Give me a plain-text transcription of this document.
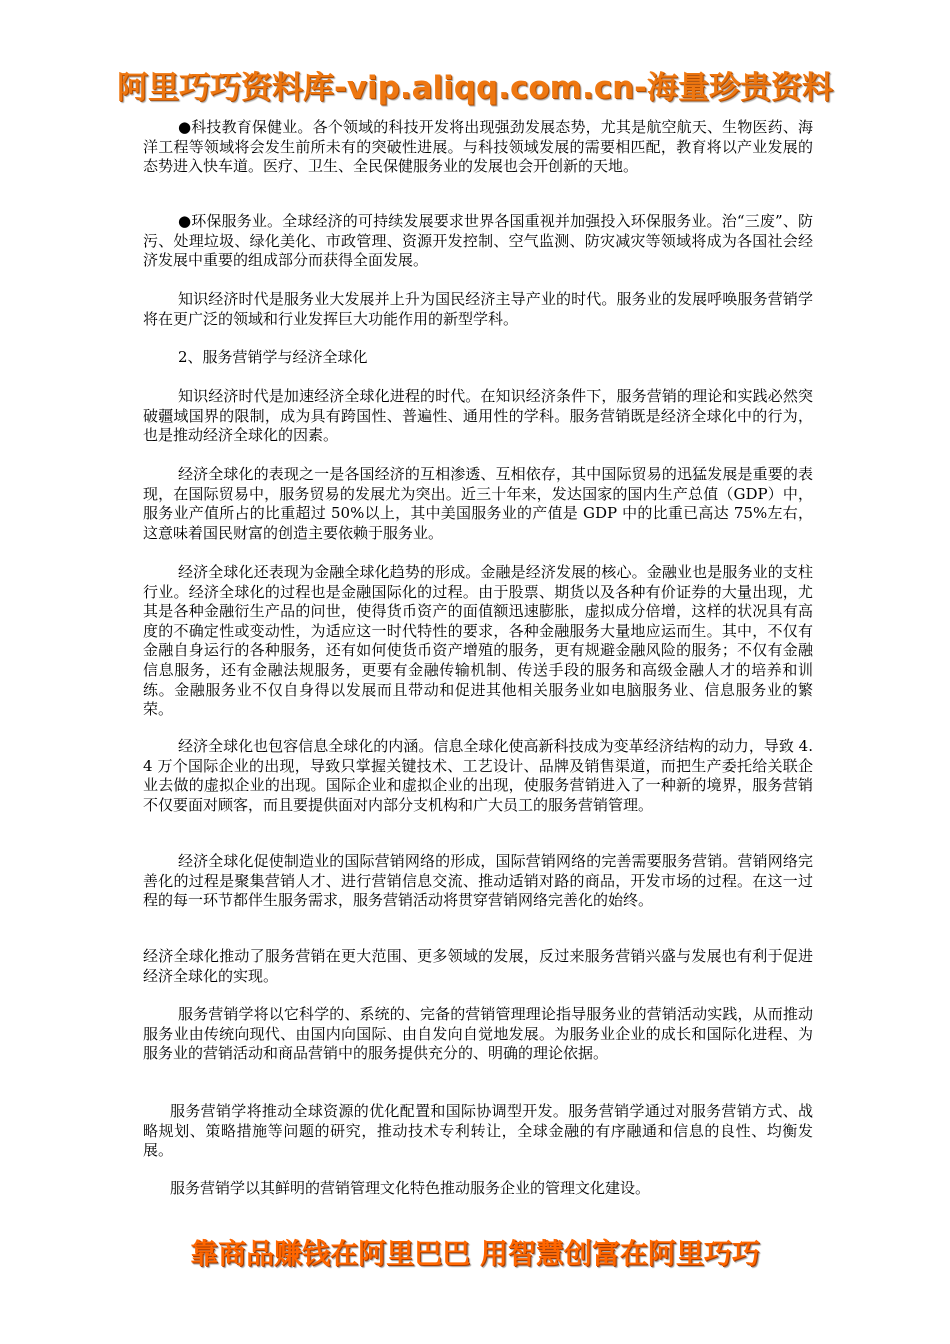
阿里巧巧资料库-vip.aliqq.com.cn-海量珍贵资料
●科技教育保健业。各个领域的科技开发将出现强劲发展态势，尤其是航空航天、生物医药、海洋工程等领域将会发生前所未有的突破性进展。与科技领域发展的需要相匹配，教育将以产业发展的态势进入快车道。医疗、卫生、全民保健服务业的发展也会开创新的天地。
●环保服务业。全球经济的可持续发展要求世界各国重视并加强投入环保服务业。治“三废”、防污、处理垃圾、绿化美化、市政管理、资源开发控制、空气监测、防灾减灾等领域将成为各国社会经济发展中重要的组成部分而获得全面发展。
知识经济时代是服务业大发展并上升为国民经济主导产业的时代。服务业的发展呼唤服务营销学将在更广泛的领域和行业发挥巨大功能作用的新型学科。
2、服务营销学与经济全球化
知识经济时代是加速经济全球化进程的时代。在知识经济条件下，服务营销的理论和实践必然突破疆域国界的限制，成为具有跨国性、普遍性、通用性的学科。服务营销既是经济全球化中的行为，也是推动经济全球化的因素。
经济全球化的表现之一是各国经济的互相渗透、互相依存，其中国际贸易的迅猛发展是重要的表现，在国际贸易中，服务贸易的发展尤为突出。近三十年来，发达国家的国内生产总值（GDP）中，服务业产值所占的比重超过 50%以上，其中美国服务业的产值是 GDP 中的比重已高达 75%左右，这意味着国民财富的创造主要依赖于服务业。
经济全球化还表现为金融全球化趋势的形成。金融是经济发展的核心。金融业也是服务业的支柱行业。经济全球化的过程也是金融国际化的过程。由于股票、期货以及各种有价证券的大量出现，尤其是各种金融衍生产品的问世，使得货币资产的面值额迅速膨胀，虚拟成分倍增，这样的状况具有高度的不确定性或变动性，为适应这一时代特性的要求，各种金融服务大量地应运而生。其中，不仅有金融自身运行的各种服务，还有如何使货币资产增殖的服务，更有规避金融风险的服务；不仅有金融信息服务，还有金融法规服务，更要有金融传输机制、传送手段的服务和高级金融人才的培养和训练。金融服务业不仅自身得以发展而且带动和促进其他相关服务业如电脑服务业、信息服务业的繁荣。
经济全球化也包容信息全球化的内涵。信息全球化使高新科技成为变革经济结构的动力，导致 4.4 万个国际企业的出现，导致只掌握关键技术、工艺设计、品牌及销售渠道，而把生产委托给关联企业去做的虚拟企业的出现。国际企业和虚拟企业的出现，使服务营销进入了一种新的境界，服务营销不仅要面对顾客，而且要提供面对内部分支机构和广大员工的服务营销管理。
经济全球化促使制造业的国际营销网络的形成，国际营销网络的完善需要服务营销。营销网络完善化的过程是聚集营销人才、进行营销信息交流、推动适销对路的商品，开发市场的过程。在这一过程的每一环节都伴生服务需求，服务营销活动将贯穿营销网络完善化的始终。
经济全球化推动了服务营销在更大范围、更多领域的发展，反过来服务营销兴盛与发展也有利于促进经济全球化的实现。
服务营销学将以它科学的、系统的、完备的营销管理理论指导服务业的营销活动实践，从而推动服务业由传统向现代、由国内向国际、由自发向自觉地发展。为服务业企业的成长和国际化进程、为服务业的营销活动和商品营销中的服务提供充分的、明确的理论依据。
服务营销学将推动全球资源的优化配置和国际协调型开发。服务营销学通过对服务营销方式、战略规划、策略措施等问题的研究，推动技术专利转让，全球金融的有序融通和信息的良性、均衡发展。
服务营销学以其鲜明的营销管理文化特色推动服务企业的管理文化建设。
靠商品赚钱在阿里巴巴 用智慧创富在阿里巧巧
